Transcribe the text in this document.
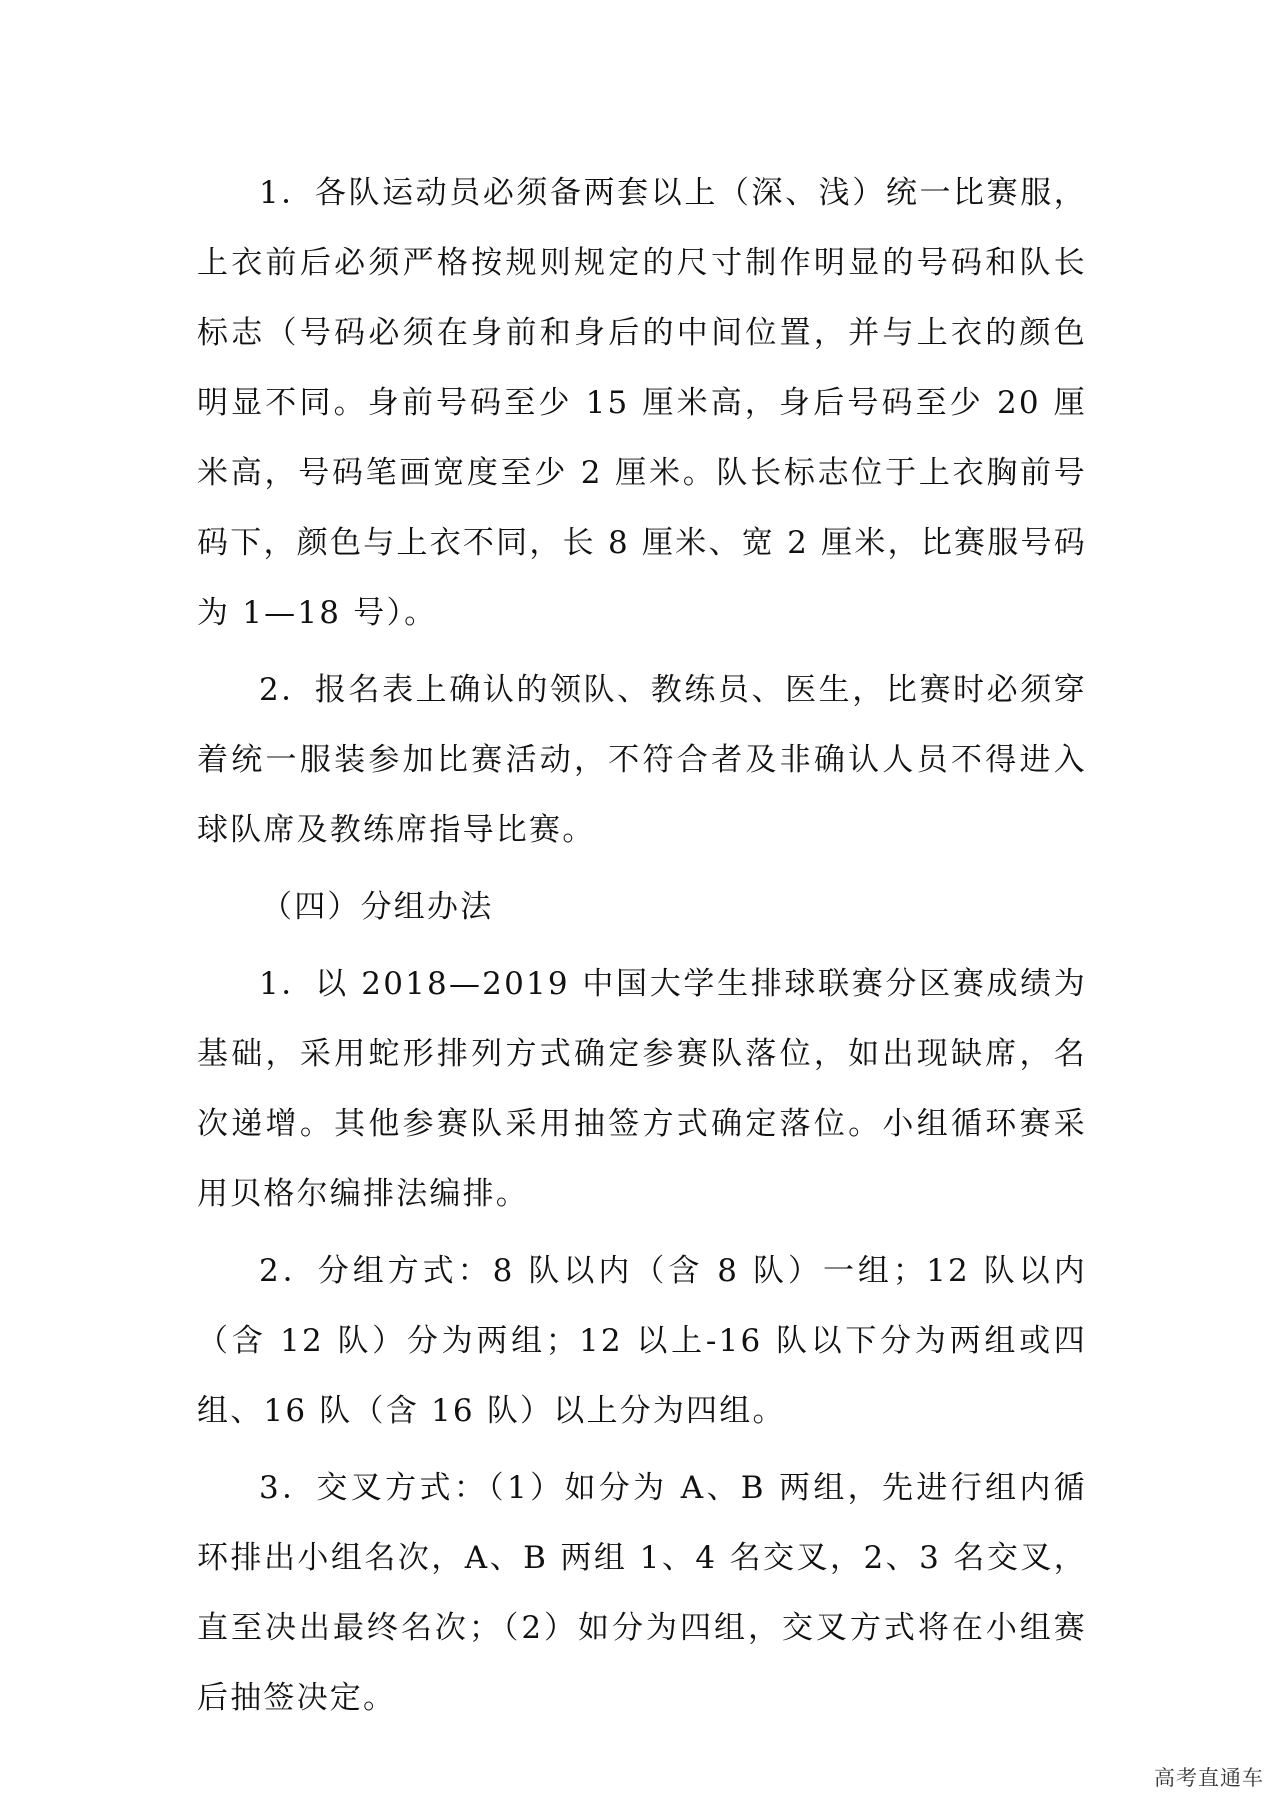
1．各队运动员必须备两套以上（深、浅）统一比赛服，上衣前后必须严格按规则规定的尺寸制作明显的号码和队长标志（号码必须在身前和身后的中间位置，并与上衣的颜色明显不同。身前号码至少 15 厘米高，身后号码至少 20 厘米高，号码笔画宽度至少 2 厘米。队长标志位于上衣胸前号码下，颜色与上衣不同，长 8 厘米、宽 2 厘米，比赛服号码为 1—18 号）。

2．报名表上确认的领队、教练员、医生，比赛时必须穿着统一服装参加比赛活动，不符合者及非确认人员不得进入球队席及教练席指导比赛。

（四）分组办法

1．以 2018—2019 中国大学生排球联赛分区赛成绩为基础，采用蛇形排列方式确定参赛队落位，如出现缺席，名次递增。其他参赛队采用抽签方式确定落位。小组循环赛采用贝格尔编排法编排。

2．分组方式：8 队以内（含 8 队）一组；12 队以内（含 12 队）分为两组；12 以上-16 队以下分为两组或四组、16 队（含 16 队）以上分为四组。

3．交叉方式：（1）如分为 A、B 两组，先进行组内循环排出小组名次，A、B 两组 1、4 名交叉，2、3 名交叉，直至决出最终名次；（2）如分为四组，交叉方式将在小组赛后抽签决定。

高考直通车
